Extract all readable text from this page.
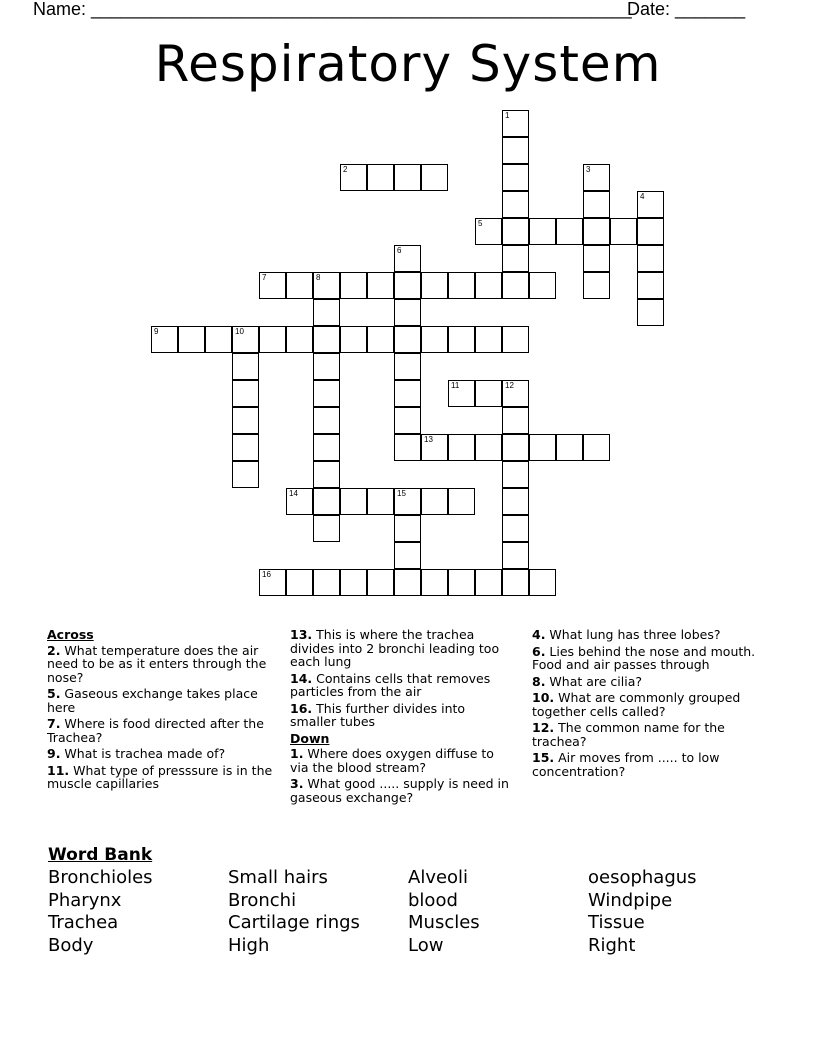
Name: ______________________________________________________
Date: _______
Respiratory System
2
5
7	8
9	10
11	12
13
14	15
16
1
3
4
6
Across
2. What temperature does the air need to be as it enters through the nose?
5. Gaseous exchange takes place here
7. Where is food directed after the Trachea?
9. What is trachea made of?
11. What type of presssure is in the muscle capillaries
13. This is where the trachea divides into 2 bronchi leading too each lung
14. Contains cells that removes particles from the air
16. This further divides into smaller tubes
Down
1. Where does oxygen diffuse to via the blood stream?
3. What good ..... supply is need in gaseous exchange?
4. What lung has three lobes?
6. Lies behind the nose and mouth. Food and air passes through
8. What are cilia?
10. What are commonly grouped together cells called?
12. The common name for the trachea?
15. Air moves from ..... to low concentration?
Word Bank
Bronchioles	Small hairs	Alveoli	oesophagus
Pharynx	Bronchi	blood	Windpipe
Trachea	Cartilage rings	Muscles	Tissue
Body	High	Low	Right
